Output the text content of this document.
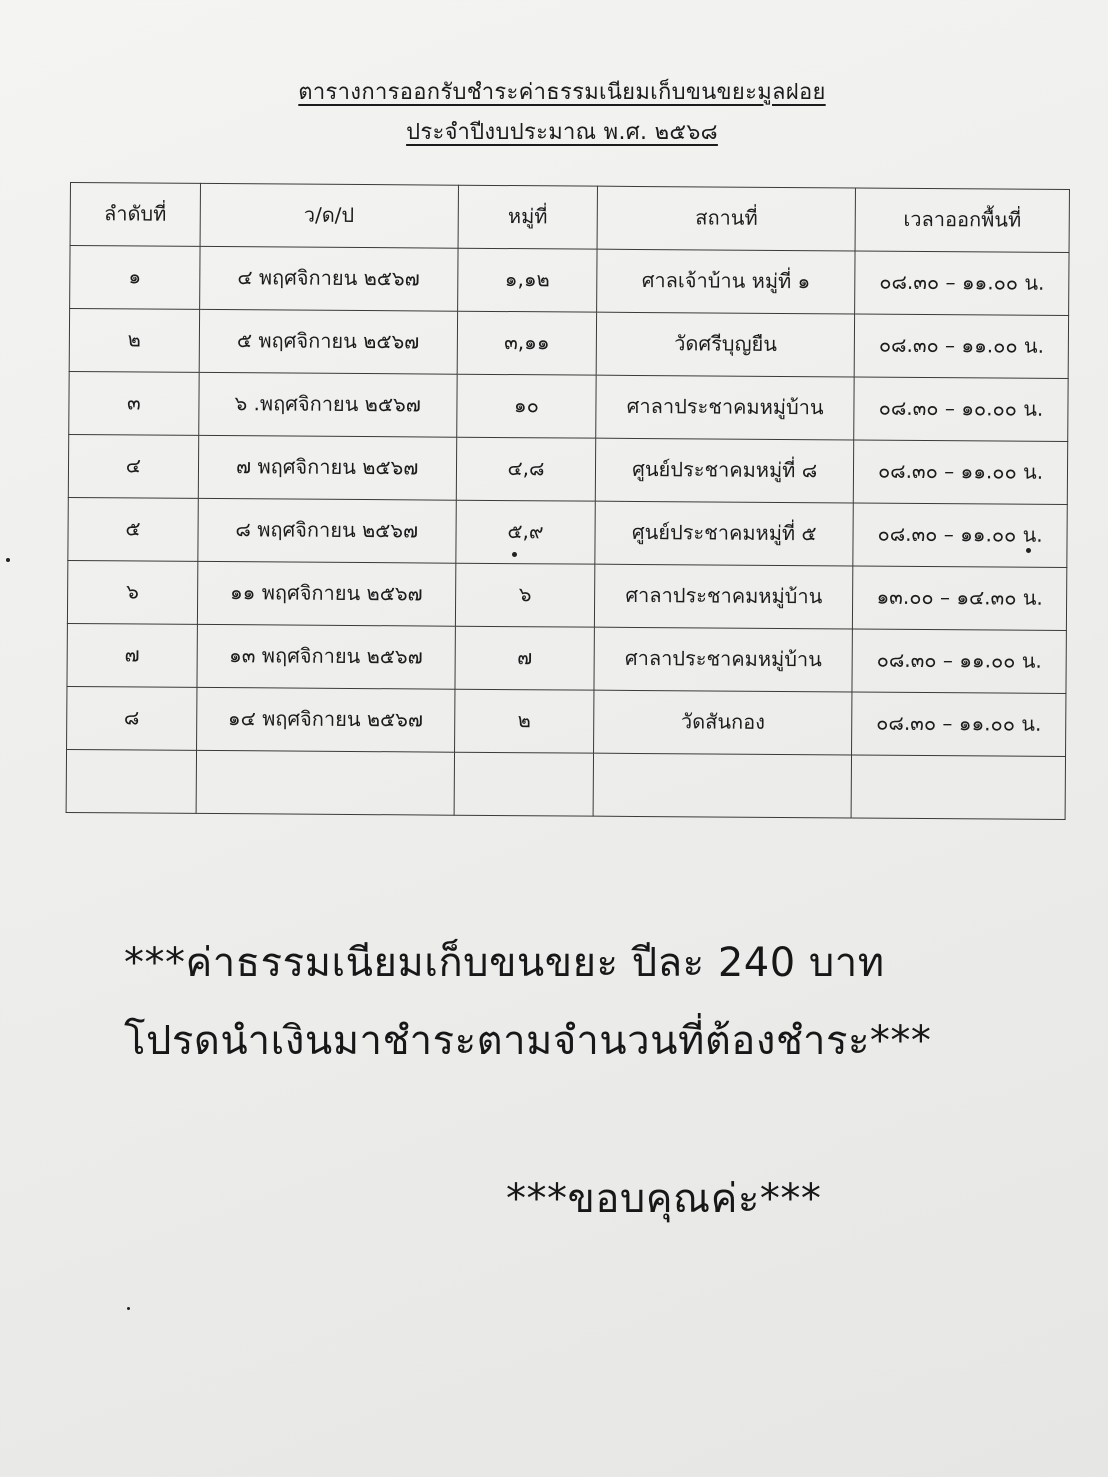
ตารางการออกรับชำระค่าธรรมเนียมเก็บขนขยะมูลฝอย
ประจำปีงบประมาณ พ.ศ. ๒๕๖๘
ลำดับที่	ว/ด/ป	หมู่ที่	สถานที่	เวลาออกพื้นที่
๑	๔ พฤศจิกายน ๒๕๖๗	๑,๑๒	ศาลเจ้าบ้าน หมู่ที่ ๑	๐๘.๓๐ – ๑๑.๐๐ น.
๒	๕ พฤศจิกายน ๒๕๖๗	๓,๑๑	วัดศรีบุญยืน	๐๘.๓๐ – ๑๑.๐๐ น.
๓	๖ .พฤศจิกายน ๒๕๖๗	๑๐	ศาลาประชาคมหมู่บ้าน	๐๘.๓๐ – ๑๐.๐๐ น.
๔	๗ พฤศจิกายน ๒๕๖๗	๔,๘	ศูนย์ประชาคมหมู่ที่ ๘	๐๘.๓๐ – ๑๑.๐๐ น.
๕	๘ พฤศจิกายน ๒๕๖๗	๕,๙	ศูนย์ประชาคมหมู่ที่ ๕	๐๘.๓๐ – ๑๑.๐๐ น.
๖	๑๑ พฤศจิกายน ๒๕๖๗	๖	ศาลาประชาคมหมู่บ้าน	๑๓.๐๐ – ๑๔.๓๐ น.
๗	๑๓ พฤศจิกายน ๒๕๖๗	๗	ศาลาประชาคมหมู่บ้าน	๐๘.๓๐ – ๑๑.๐๐ น.
๘	๑๔ พฤศจิกายน ๒๕๖๗	๒	วัดสันกอง	๐๘.๓๐ – ๑๑.๐๐ น.

***ค่าธรรมเนียมเก็บขนขยะ ปีละ 240 บาท
โปรดนำเงินมาชำระตามจำนวนที่ต้องชำระ***
***ขอบคุณค่ะ***
